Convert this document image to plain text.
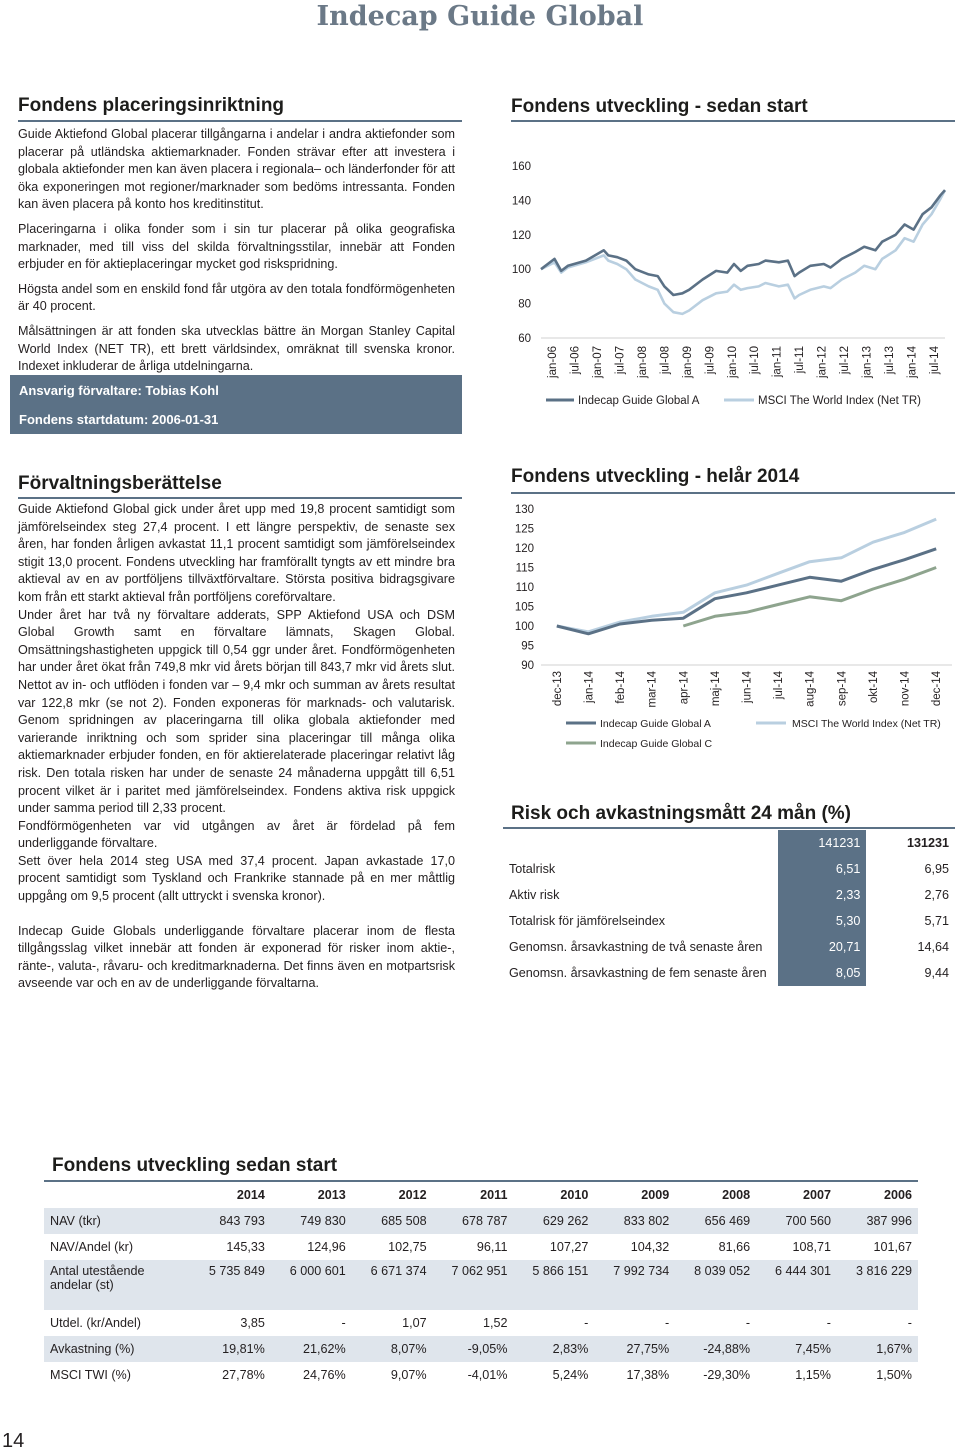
Indecap Guide Global
Fondens placeringsinriktning

Guide Aktiefond Global placerar tillgångarna i andelar i andra aktiefonder som placerar på utländska aktiemarknader. Fonden strävar efter att investera i globala aktiefonder men kan även placera i regionala– och länderfonder för att öka exponeringen mot regioner/marknader som bedöms intressanta. Fonden kan även placera på konto hos kreditinstitut.

Placeringarna i olika fonder som i sin tur placerar på olika geografiska marknader, med till viss del skilda förvaltningsstilar, innebär att Fonden erbjuder en för aktieplaceringar mycket god riskspridning.

Högsta andel som en enskild fond får utgöra av den totala fondförmögenheten är 40 procent.

Målsättningen är att fonden ska utvecklas bättre än Morgan Stanley Capital World Index (NET TR), ett brett världsindex, omräknat till svenska kronor. Indexet inkluderar de årliga utdelningarna.

Ansvarig förvaltare: Tobias Kohl
Fondens startdatum: 2006-01-31
Fondens utveckling - sedan start
60
80
100
120
140
160
jan-06 jul-06 jan-07 jul-07 jan-08 jul-08 jan-09 jul-09 jan-10 jul-10 jan-11 jul-11 jan-12 jul-12 jan-13 jul-13 jan-14 jul-14
Indecap Guide Global A	MSCI The World Index (Net TR)
Förvaltningsberättelse

Guide Aktiefond Global gick under året upp med 19,8 procent samtidigt som jämförelseindex steg 27,4 procent. I ett längre perspektiv, de senaste sex åren, har fonden årligen avkastat 11,1 procent samtidigt som jämförelseindex stigit 13,0 procent. Fondens utveckling har framförallt tyngts av ett mindre bra aktieval av en av portföljens tillväxtförvaltare. Största positiva bidragsgivare kom från ett starkt aktieval från portföljens coreförvaltare.

Under året har två ny förvaltare adderats, SPP Aktiefond USA och DSM Global Growth samt en förvaltare lämnats, Skagen Global. Omsättningshastigheten uppgick till 0,54 ggr under året. Fondförmögenheten har under året ökat från 749,8 mkr vid årets början till 843,7 mkr vid årets slut. Nettot av in- och utflöden i fonden var – 9,4 mkr och summan av årets resultat var 122,8 mkr (se not 2). Fonden exponeras för marknads- och valutarisk. Genom spridningen av placeringarna till olika globala aktiefonder med varierande inriktning och som sprider sina placeringar till många olika aktiemarknader erbjuder fonden, en för aktierelaterade placeringar relativt låg risk. Den totala risken har under de senaste 24 månaderna uppgått till 6,51 procent vilket är i paritet med jämförelseindex. Fondens aktiva risk uppgick under samma period till 2,33 procent.

Fondförmögenheten var vid utgången av året är fördelad på fem underliggande förvaltare.

Sett över hela 2014 steg USA med 37,4 procent. Japan avkastade 17,0 procent samtidigt som Tyskland och Frankrike stannade på en mer måttlig uppgång om 9,5 procent (allt uttryckt i svenska kronor).

Indecap Guide Globals underliggande förvaltare placerar inom de flesta tillgångsslag vilket innebär att fonden är exponerad för risker inom aktie-, ränte-, valuta-, råvaru- och kreditmarknaderna. Det finns även en motpartsrisk avseende var och en av de underliggande förvaltarna.

Fondens utveckling - helår 2014
90
95
100
105
110
115
120
125
130
dec-13 jan-14 feb-14 mar-14 apr-14 maj-14 jun-14 jul-14 aug-14 sep-14 okt-14 nov-14 dec-14
Indecap Guide Global A	MSCI The World Index (Net TR)
Indecap Guide Global C
Risk och avkastningsmått 24 mån (%)
	141231	131231
Totalrisk	6,51	6,95
Aktiv risk	2,33	2,76
Totalrisk för jämförelseindex	5,30	5,71
Genomsn. årsavkastning de två senaste åren	20,71	14,64
Genomsn. årsavkastning de fem senaste åren	8,05	9,44
Fondens utveckling sedan start
	2014	2013	2012	2011	2010	2009	2008	2007	2006
NAV (tkr)	843 793	749 830	685 508	678 787	629 262	833 802	656 469	700 560	387 996
NAV/Andel (kr)	145,33	124,96	102,75	96,11	107,27	104,32	81,66	108,71	101,67
Antal utestående andelar (st)	5 735 849	6 000 601	6 671 374	7 062 951	5 866 151	7 992 734	8 039 052	6 444 301	3 816 229
Utdel. (kr/Andel)	3,85	-	1,07	1,52	-	-	-	-	-
Avkastning (%)	19,81%	21,62%	8,07%	-9,05%	2,83%	27,75%	-24,88%	7,45%	1,67%
MSCI TWI (%)	27,78%	24,76%	9,07%	-4,01%	5,24%	17,38%	-29,30%	1,15%	1,50%
14
